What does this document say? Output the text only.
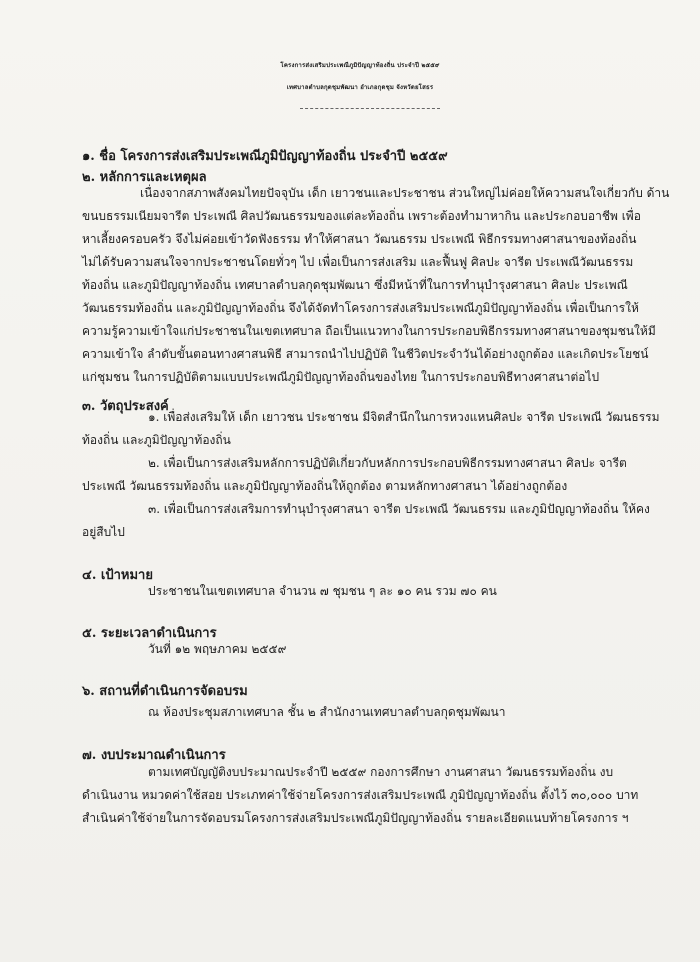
โครงการส่งเสริมประเพณีภูมิปัญญาท้องถิ่น ประจำปี ๒๕๕๙
เทศบาลตำบลกุดชุมพัฒนา อำเภอกุดชุม จังหวัดยโสธร
๑. ชื่อ โครงการส่งเสริมประเพณีภูมิปัญญาท้องถิ่น ประจำปี ๒๕๕๙
๒. หลักการและเหตุผล
เนื่องจากสภาพสังคมไทยปัจจุบัน เด็ก เยาวชนและประชาชน ส่วนใหญ่ไม่ค่อยให้ความสนใจเกี่ยวกับ ด้าน
ขนบธรรมเนียมจารีต ประเพณี ศิลปวัฒนธรรมของแต่ละท้องถิ่น เพราะต้องทำมาหากิน และประกอบอาชีพ เพื่อ
หาเลี้ยงครอบครัว จึงไม่ค่อยเข้าวัดฟังธรรม ทำให้ศาสนา วัฒนธรรม ประเพณี พิธีกรรมทางศาสนาของท้องถิ่น
ไม่ได้รับความสนใจจากประชาชนโดยทั่วๆ ไป เพื่อเป็นการส่งเสริม และฟื้นฟู ศิลปะ จารีต ประเพณีวัฒนธรรม
ท้องถิ่น และภูมิปัญญาท้องถิ่น เทศบาลตำบลกุดชุมพัฒนา ซึ่งมีหน้าที่ในการทำนุบำรุงศาสนา ศิลปะ ประเพณี
วัฒนธรรมท้องถิ่น และภูมิปัญญาท้องถิ่น จึงได้จัดทำโครงการส่งเสริมประเพณีภูมิปัญญาท้องถิ่น เพื่อเป็นการให้
ความรู้ความเข้าใจแก่ประชาชนในเขตเทศบาล ถือเป็นแนวทางในการประกอบพิธีกรรมทางศาสนาของชุมชนให้มี
ความเข้าใจ ลำดับขั้นตอนทางศาสนพิธี สามารถนำไปปฏิบัติ ในชีวิตประจำวันได้อย่างถูกต้อง และเกิดประโยชน์
แก่ชุมชน ในการปฏิบัติตามแบบประเพณีภูมิปัญญาท้องถิ่นของไทย ในการประกอบพิธีทางศาสนาต่อไป
๓. วัตถุประสงค์
๑. เพื่อส่งเสริมให้ เด็ก เยาวชน ประชาชน มีจิตสำนึกในการหวงแหนศิลปะ จารีต ประเพณี วัฒนธรรม
ท้องถิ่น และภูมิปัญญาท้องถิ่น
๒. เพื่อเป็นการส่งเสริมหลักการปฏิบัติเกี่ยวกับหลักการประกอบพิธีกรรมทางศาสนา ศิลปะ จารีต
ประเพณี วัฒนธรรมท้องถิ่น และภูมิปัญญาท้องถิ่นให้ถูกต้อง ตามหลักทางศาสนา ได้อย่างถูกต้อง
๓. เพื่อเป็นการส่งเสริมการทำนุบำรุงศาสนา จารีต ประเพณี วัฒนธรรม และภูมิปัญญาท้องถิ่น ให้คง
อยู่สืบไป
๔. เป้าหมาย
ประชาชนในเขตเทศบาล จำนวน ๗ ชุมชน ๆ ละ ๑๐ คน รวม ๗๐ คน
๕. ระยะเวลาดำเนินการ
วันที่ ๑๒ พฤษภาคม ๒๕๕๙
๖. สถานที่ดำเนินการจัดอบรม
ณ ห้องประชุมสภาเทศบาล ชั้น ๒ สำนักงานเทศบาลตำบลกุดชุมพัฒนา
๗. งบประมาณดำเนินการ
ตามเทศบัญญัติงบประมาณประจำปี ๒๕๕๙ กองการศึกษา งานศาสนา วัฒนธรรมท้องถิ่น งบ
ดำเนินงาน หมวดค่าใช้สอย ประเภทค่าใช้จ่ายโครงการส่งเสริมประเพณี ภูมิปัญญาท้องถิ่น ตั้งไว้ ๓๐,๐๐๐ บาท
สำเนินค่าใช้จ่ายในการจัดอบรมโครงการส่งเสริมประเพณีภูมิปัญญาท้องถิ่น รายละเอียดแนบท้ายโครงการ ฯ
